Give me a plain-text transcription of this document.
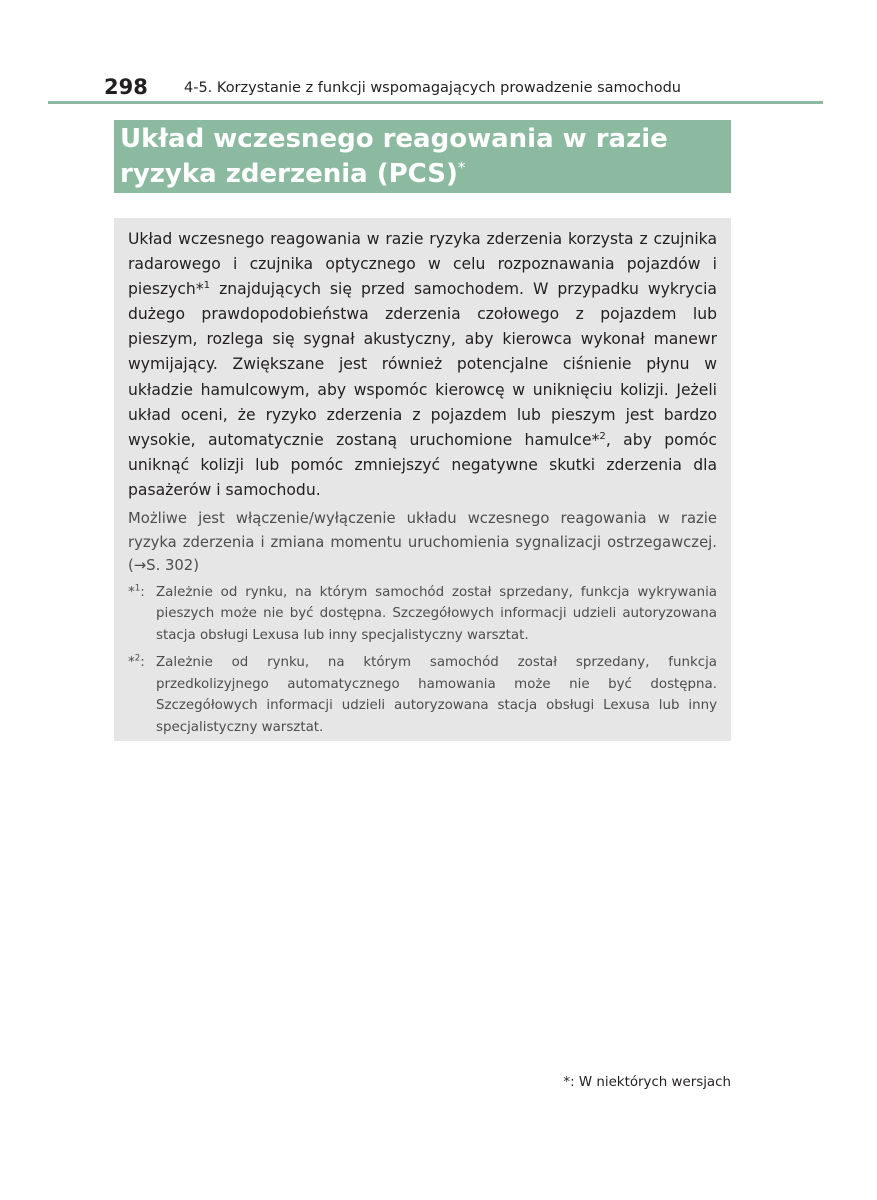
298 4-5. Korzystanie z funkcji wspomagających prowadzenie samochodu
Układ wczesnego reagowania w razie
ryzyka zderzenia (PCS)*

Układ wczesnego reagowania w razie ryzyka zderzenia korzysta z czujnika radarowego i czujnika optycznego w celu rozpoznawania pojazdów i pieszych*$^1$ znajdujących się przed samochodem. W przypadku wykrycia dużego prawdopodobieństwa zderzenia czołowego z pojazdem lub pieszym, rozlega się sygnał akustyczny, aby kierowca wykonał manewr wymijający. Zwiększane jest również potencjalne ciśnienie płynu w układzie hamulcowym, aby wspomóc kierowcę w uniknięciu kolizji. Jeżeli układ oceni, że ryzyko zderzenia z pojazdem lub pieszym jest bardzo wysokie, automatycznie zostaną uruchomione hamulce*$^2$, aby pomóc uniknąć kolizji lub pomóc zmniejszyć negatywne skutki zderzenia dla pasażerów i samochodu.

Możliwe jest włączenie/wyłączenie układu wczesnego reagowania w razie ryzyka zderzenia i zmiana momentu uruchomienia sygnalizacji ostrzegawczej. (→S. 302)

*$^1$: Zależnie od rynku, na którym samochód został sprzedany, funkcja wykrywania pieszych może nie być dostępna. Szczegółowych informacji udzieli autoryzowana stacja obsługi Lexusa lub inny specjalistyczny warsztat.
*$^2$: Zależnie od rynku, na którym samochód został sprzedany, funkcja przedkolizyjnego automatycznego hamowania może nie być dostępna. Szczegółowych informacji udzieli autoryzowana stacja obsługi Lexusa lub inny specjalistyczny warsztat.
*: W niektórych wersjach
